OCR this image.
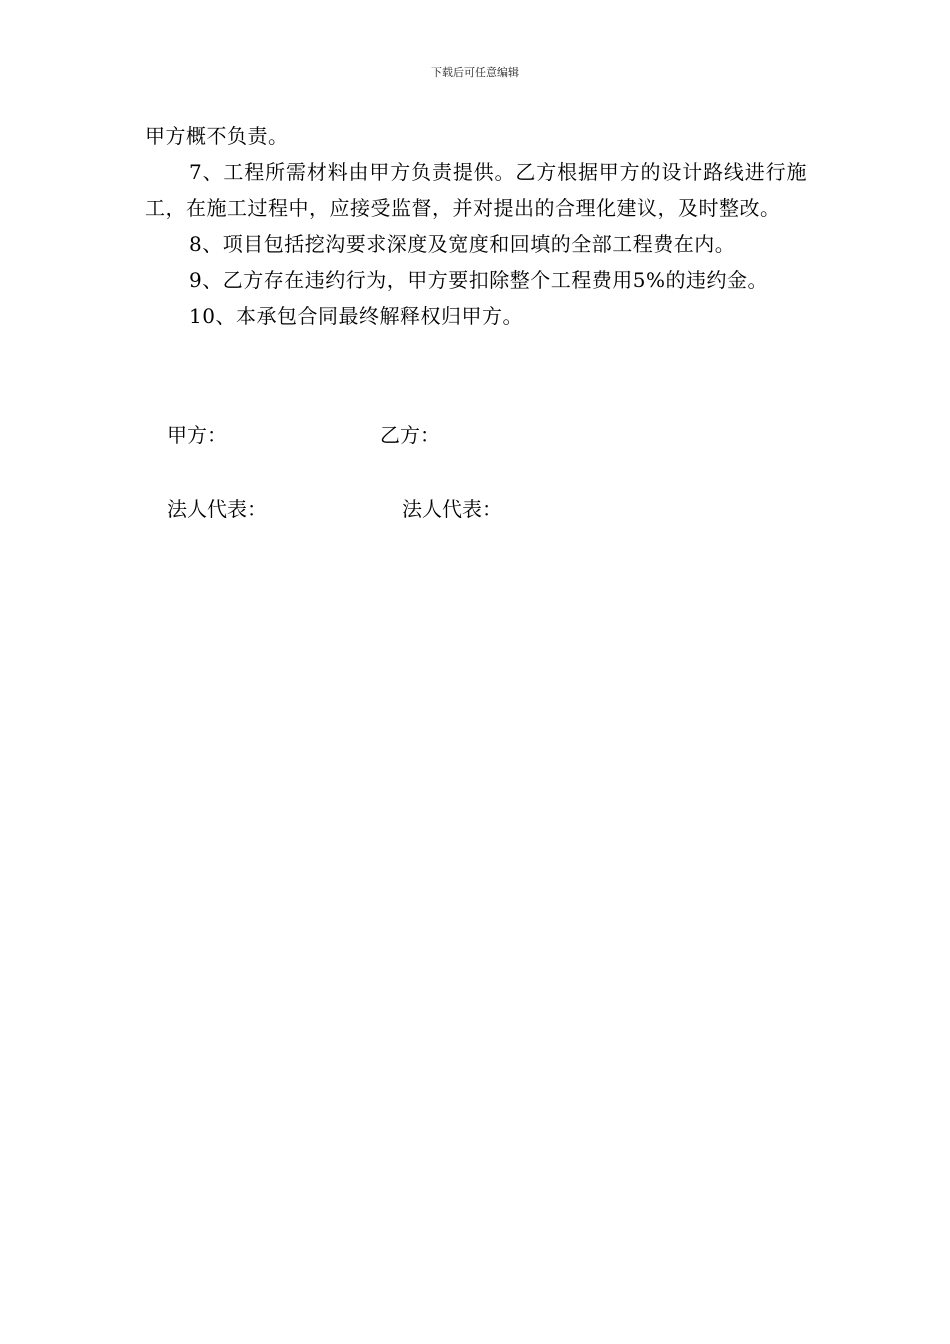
下载后可任意编辑

甲方概不负责。

7、工程所需材料由甲方负责提供。乙方根据甲方的设计路线进行施工，在施工过程中，应接受监督，并对提出的合理化建议，及时整改。

8、项目包括挖沟要求深度及宽度和回填的全部工程费在内。

9、乙方存在违约行为，甲方要扣除整个工程费用5%的违约金。

10、本承包合同最终解释权归甲方。

甲方：	乙方：
法人代表：	法人代表：
